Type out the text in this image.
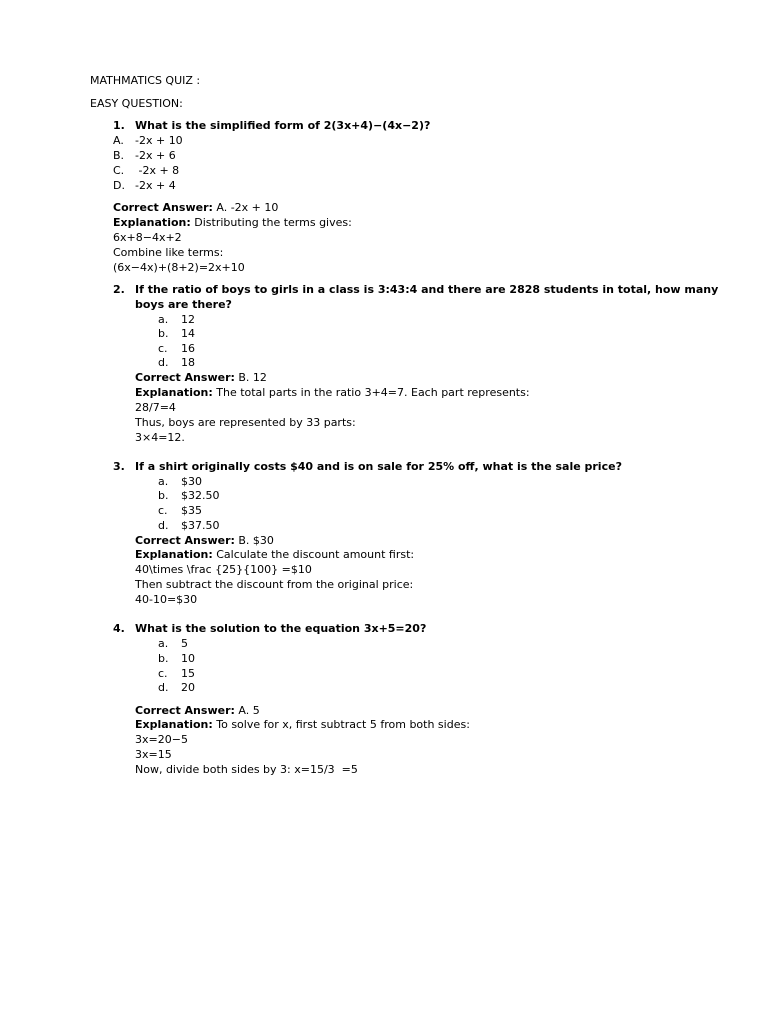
MATHMATICS QUIZ :
EASY QUESTION:
1. What is the simplified form of 2(3x+4)−(4x−2)?
A. -2x + 10
B. -2x + 6
C. -2x + 8
D. -2x + 4
Correct Answer: A. -2x + 10
Explanation: Distributing the terms gives:
6x+8−4x+2
Combine like terms:
(6x−4x)+(8+2)=2x+10
2. If the ratio of boys to girls in a class is 3:43:4 and there are 2828 students in total, how many
boys are there?
a. 12
b. 14
c. 16
d. 18
Correct Answer: B. 12
Explanation: The total parts in the ratio 3+4=7. Each part represents:
28/7=4
Thus, boys are represented by 33 parts:
3×4=12.
3. If a shirt originally costs $40 and is on sale for 25% off, what is the sale price?
a. $30
b. $32.50
c. $35
d. $37.50
Correct Answer: B. $30
Explanation: Calculate the discount amount first:
40\times \frac {25}{100} =$10
Then subtract the discount from the original price:
40-10=$30
4. What is the solution to the equation 3x+5=20?
a. 5
b. 10
c. 15
d. 20
Correct Answer: A. 5
Explanation: To solve for x, first subtract 5 from both sides:
3x=20−5
3x=15
Now, divide both sides by 3: x=15/3  =5
